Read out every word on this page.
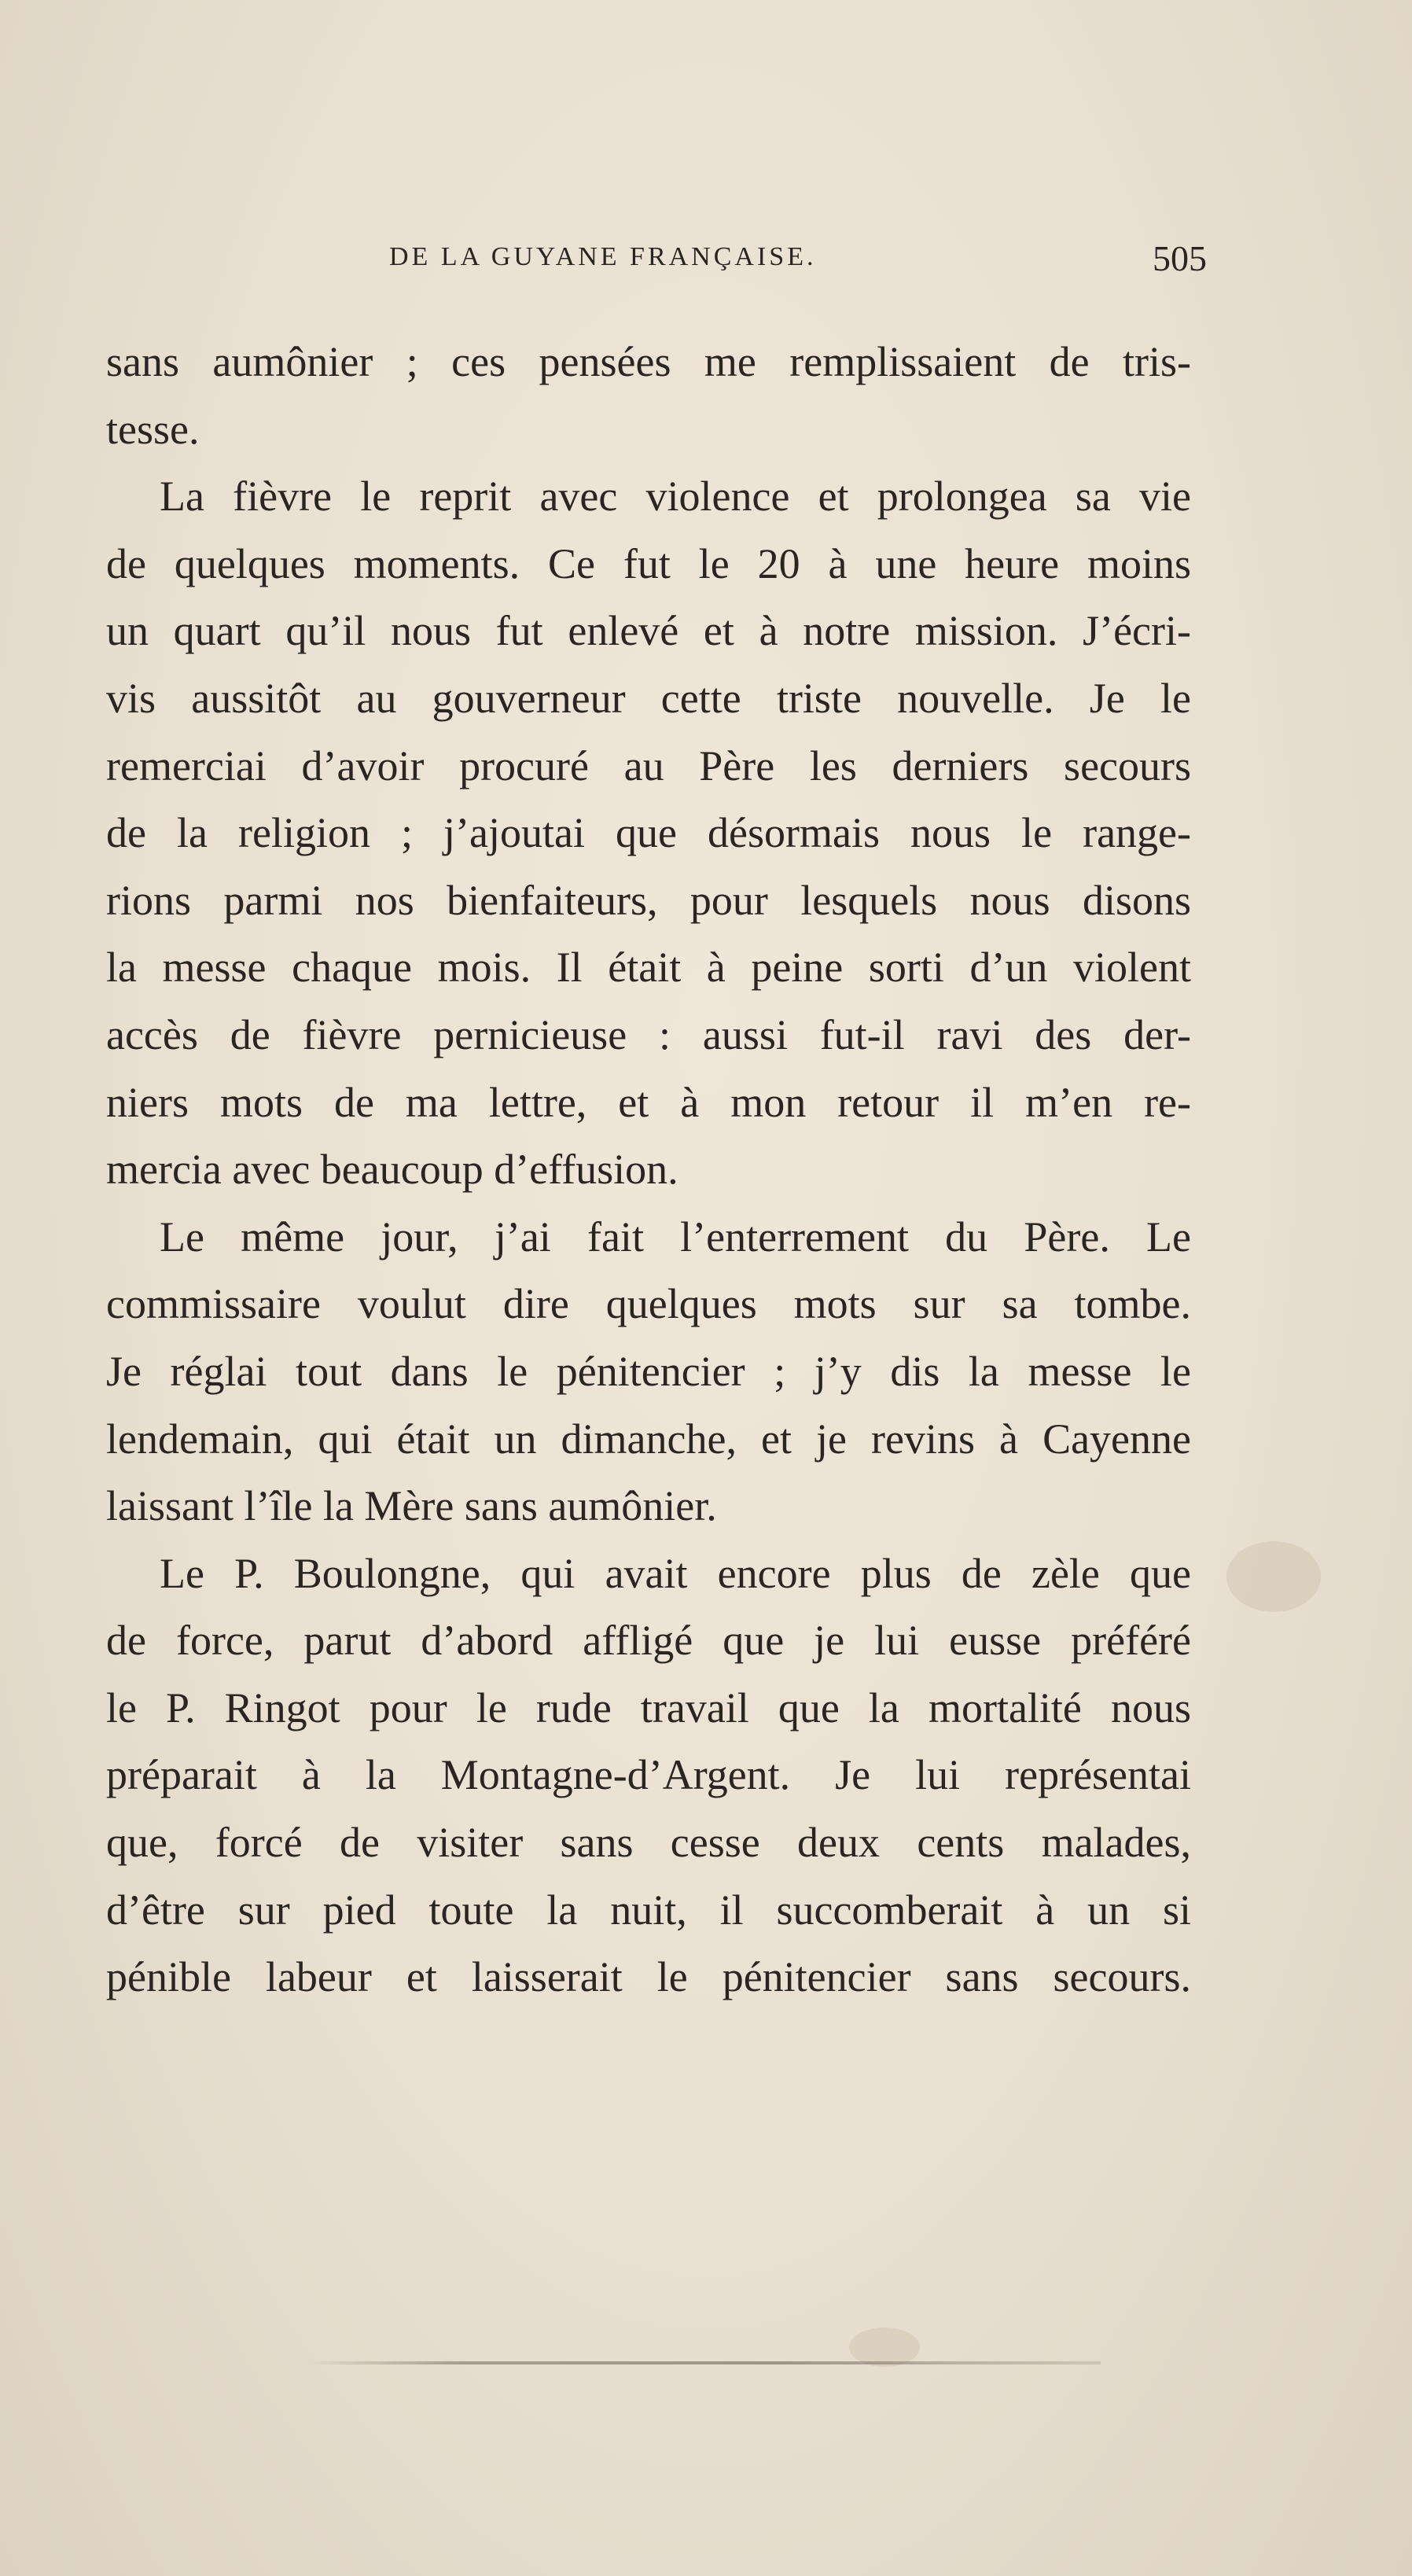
DE LA GUYANE FRANÇAISE.	505
sans aumônier ; ces pensées me remplissaient de tris-
tesse.
La fièvre le reprit avec violence et prolongea sa vie
de quelques moments. Ce fut le 20 à une heure moins
un quart qu’il nous fut enlevé et à notre mission. J’écri-
vis aussitôt au gouverneur cette triste nouvelle. Je le
remerciai d’avoir procuré au Père les derniers secours
de la religion ; j’ajoutai que désormais nous le range-
rions parmi nos bienfaiteurs, pour lesquels nous disons
la messe chaque mois. Il était à peine sorti d’un violent
accès de fièvre pernicieuse : aussi fut-il ravi des der-
niers mots de ma lettre, et à mon retour il m’en re-
mercia avec beaucoup d’effusion.
Le même jour, j’ai fait l’enterrement du Père. Le
commissaire voulut dire quelques mots sur sa tombe.
Je réglai tout dans le pénitencier ; j’y dis la messe le
lendemain, qui était un dimanche, et je revins à Cayenne
laissant l’île la Mère sans aumônier.
Le P. Boulongne, qui avait encore plus de zèle que
de force, parut d’abord affligé que je lui eusse préféré
le P. Ringot pour le rude travail que la mortalité nous
préparait à la Montagne-d’Argent. Je lui représentai
que, forcé de visiter sans cesse deux cents malades,
d’être sur pied toute la nuit, il succomberait à un si
pénible labeur et laisserait le pénitencier sans secours.
